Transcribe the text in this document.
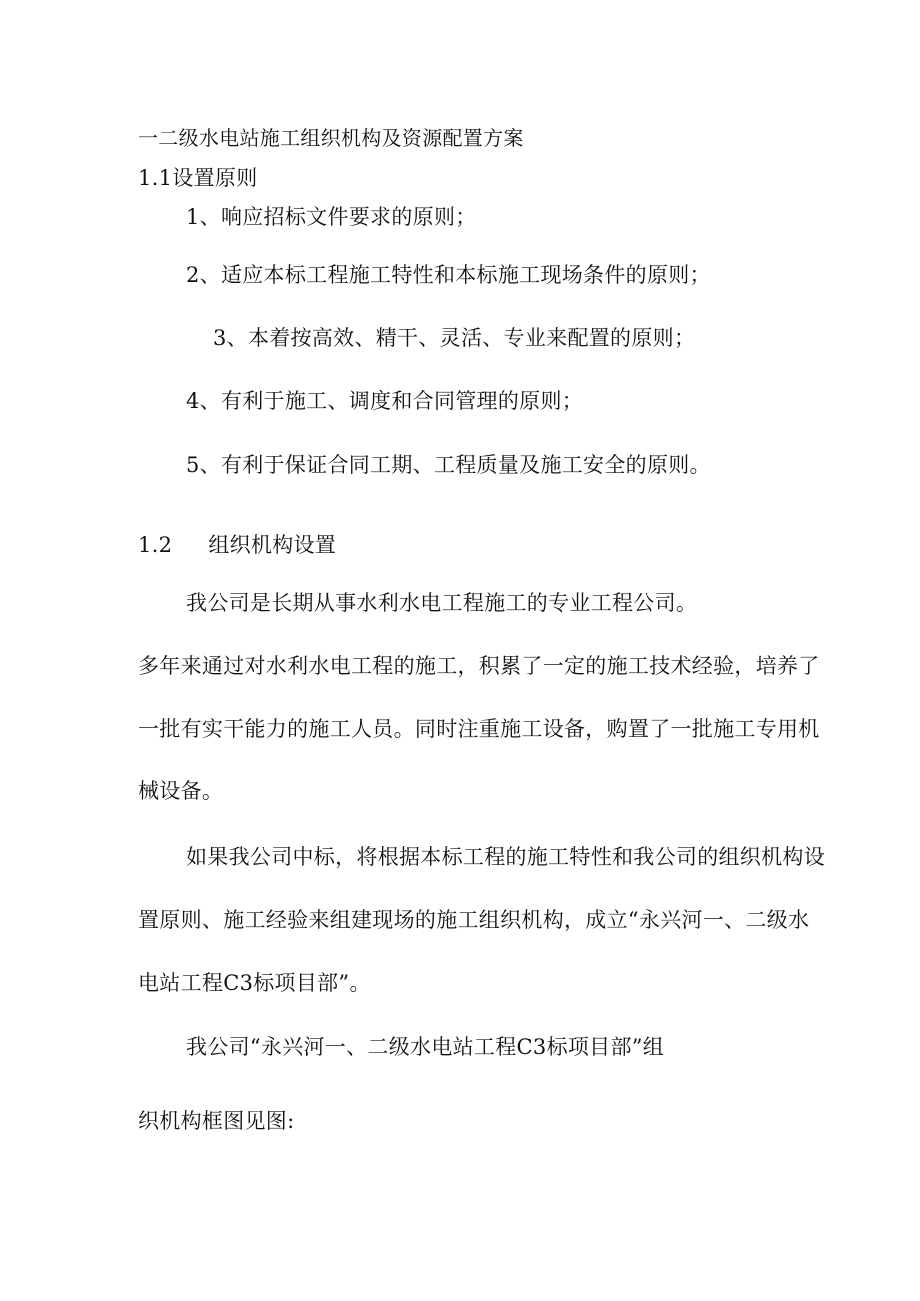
一二级水电站施工组织机构及资源配置方案
1.1设置原则
1、响应招标文件要求的原则；
2、适应本标工程施工特性和本标施工现场条件的原则；
3、本着按高效、精干、灵活、专业来配置的原则；
4、有利于施工、调度和合同管理的原则；
5、有利于保证合同工期、工程质量及施工安全的原则。
1.2 组织机构设置
我公司是长期从事水利水电工程施工的专业工程公司。
多年来通过对水利水电工程的施工，积累了一定的施工技术经验，培养了
一批有实干能力的施工人员。同时注重施工设备，购置了一批施工专用机
械设备。
如果我公司中标，将根据本标工程的施工特性和我公司的组织机构设
置原则、施工经验来组建现场的施工组织机构，成立“永兴河一、二级水
电站工程C3标项目部”。
我公司“永兴河一、二级水电站工程C3标项目部”组
织机构框图见图:
